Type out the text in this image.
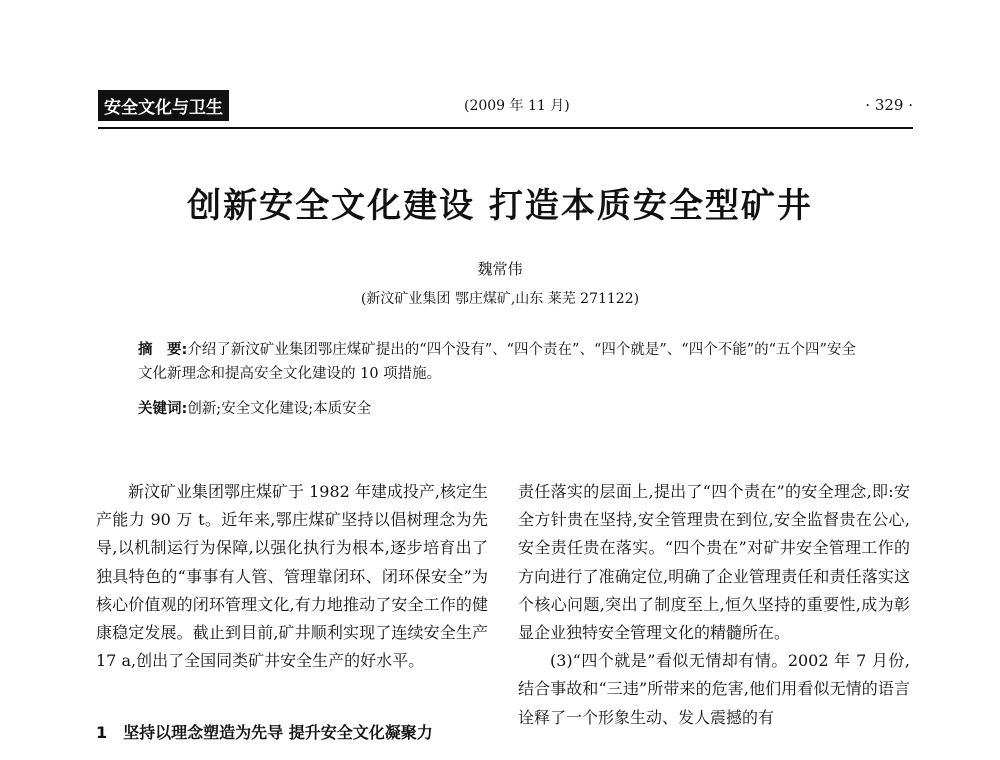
安全文化与卫生	(2009 年 11 月)	· 329 ·
创新安全文化建设 打造本质安全型矿井
魏常伟
(新汶矿业集团 鄂庄煤矿,山东 莱芜 271122)
摘　要:介绍了新汶矿业集团鄂庄煤矿提出的“四个没有”、“四个责在”、“四个就是”、“四个不能”的“五个四”安全文化新理念和提高安全文化建设的 10 项措施。
关键词:创新;安全文化建设;本质安全

新汶矿业集团鄂庄煤矿于 1982 年建成投产,核定生产能力 90 万 t。近年来,鄂庄煤矿坚持以倡树理念为先导,以机制运行为保障,以强化执行为根本,逐步培育出了独具特色的“事事有人管、管理靠闭环、闭环保安全”为核心价值观的闭环管理文化,有力地推动了安全工作的健康稳定发展。截止到目前,矿井顺利实现了连续安全生产 17 a,创出了全国同类矿井安全生产的好水平。

1　坚持以理念塑造为先导 提升安全文化凝聚力

责任落实的层面上,提出了“四个责在”的安全理念,即:安全方针贵在坚持,安全管理贵在到位,安全监督贵在公心,安全责任贵在落实。“四个贵在”对矿井安全管理工作的方向进行了准确定位,明确了企业管理责任和责任落实这个核心问题,突出了制度至上,恒久坚持的重要性,成为彰显企业独特安全管理文化的精髓所在。

(3)“四个就是”看似无情却有情。2002 年 7 月份,结合事故和“三违”所带来的危害,他们用看似无情的语言诠释了一个形象生动、发人震撼的有
